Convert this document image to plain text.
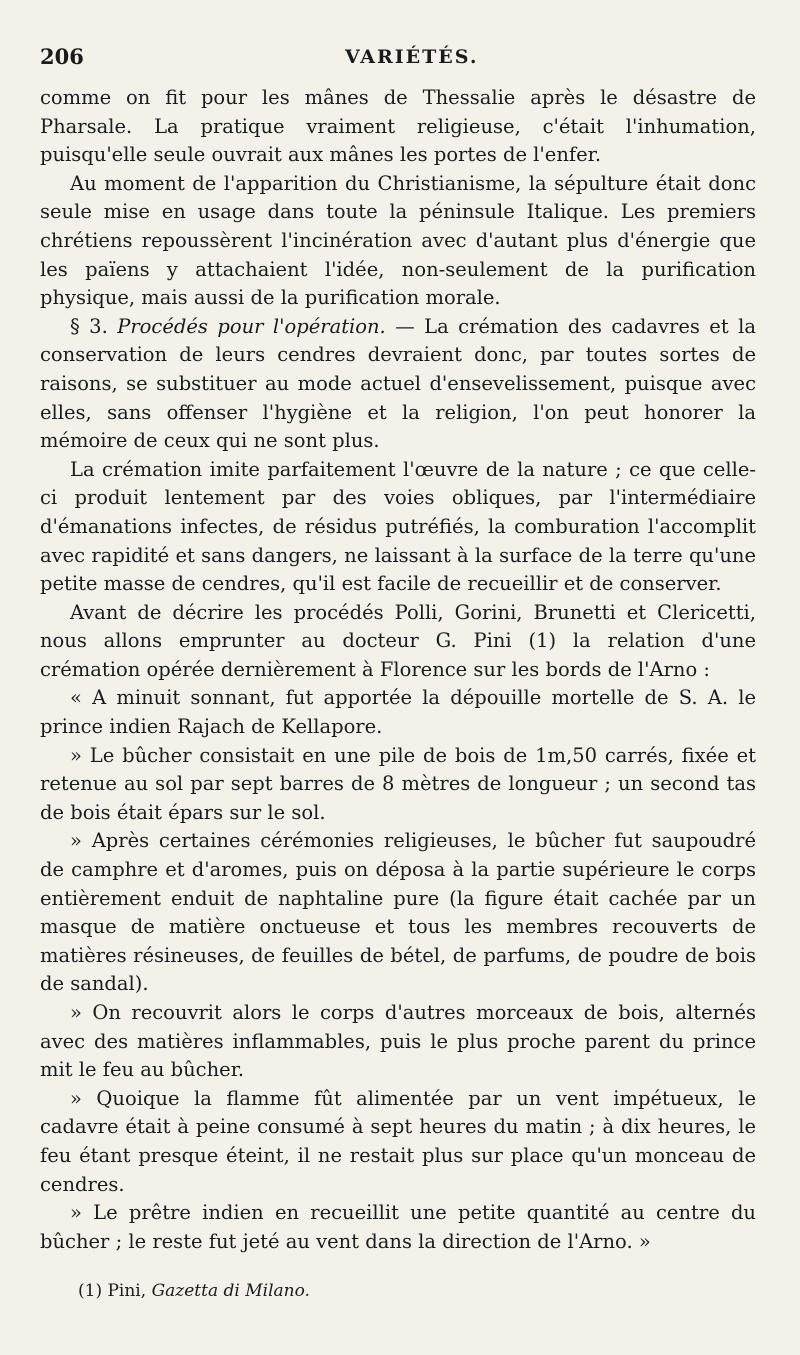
206	VARIÉTÉS.

comme on fit pour les mânes de Thessalie après le désastre de Pharsale. La pratique vraiment religieuse, c'était l'inhumation, puisqu'elle seule ouvrait aux mânes les portes de l'enfer.

Au moment de l'apparition du Christianisme, la sépulture était donc seule mise en usage dans toute la péninsule Italique. Les premiers chrétiens repoussèrent l'incinération avec d'autant plus d'énergie que les païens y attachaient l'idée, non-seulement de la purification physique, mais aussi de la purification morale.

§ 3. Procédés pour l'opération. — La crémation des cadavres et la conservation de leurs cendres devraient donc, par toutes sortes de raisons, se substituer au mode actuel d'ensevelissement, puisque avec elles, sans offenser l'hygiène et la religion, l'on peut honorer la mémoire de ceux qui ne sont plus.

La crémation imite parfaitement l'œuvre de la nature ; ce que celle-ci produit lentement par des voies obliques, par l'intermédiaire d'émanations infectes, de résidus putréfiés, la comburation l'accomplit avec rapidité et sans dangers, ne laissant à la surface de la terre qu'une petite masse de cendres, qu'il est facile de recueillir et de conserver.

Avant de décrire les procédés Polli, Gorini, Brunetti et Clericetti, nous allons emprunter au docteur G. Pini (1) la relation d'une crémation opérée dernièrement à Florence sur les bords de l'Arno :

« A minuit sonnant, fut apportée la dépouille mortelle de S. A. le prince indien Rajach de Kellapore.

» Le bûcher consistait en une pile de bois de 1m,50 carrés, fixée et retenue au sol par sept barres de 8 mètres de longueur ; un second tas de bois était épars sur le sol.

» Après certaines cérémonies religieuses, le bûcher fut saupoudré de camphre et d'aromes, puis on déposa à la partie supérieure le corps entièrement enduit de naphtaline pure (la figure était cachée par un masque de matière onctueuse et tous les membres recouverts de matières résineuses, de feuilles de bétel, de parfums, de poudre de bois de sandal).

» On recouvrit alors le corps d'autres morceaux de bois, alternés avec des matières inflammables, puis le plus proche parent du prince mit le feu au bûcher.

» Quoique la flamme fût alimentée par un vent impétueux, le cadavre était à peine consumé à sept heures du matin ; à dix heures, le feu étant presque éteint, il ne restait plus sur place qu'un monceau de cendres.

» Le prêtre indien en recueillit une petite quantité au centre du bûcher ; le reste fut jeté au vent dans la direction de l'Arno. »

(1) Pini, Gazetta di Milano.
